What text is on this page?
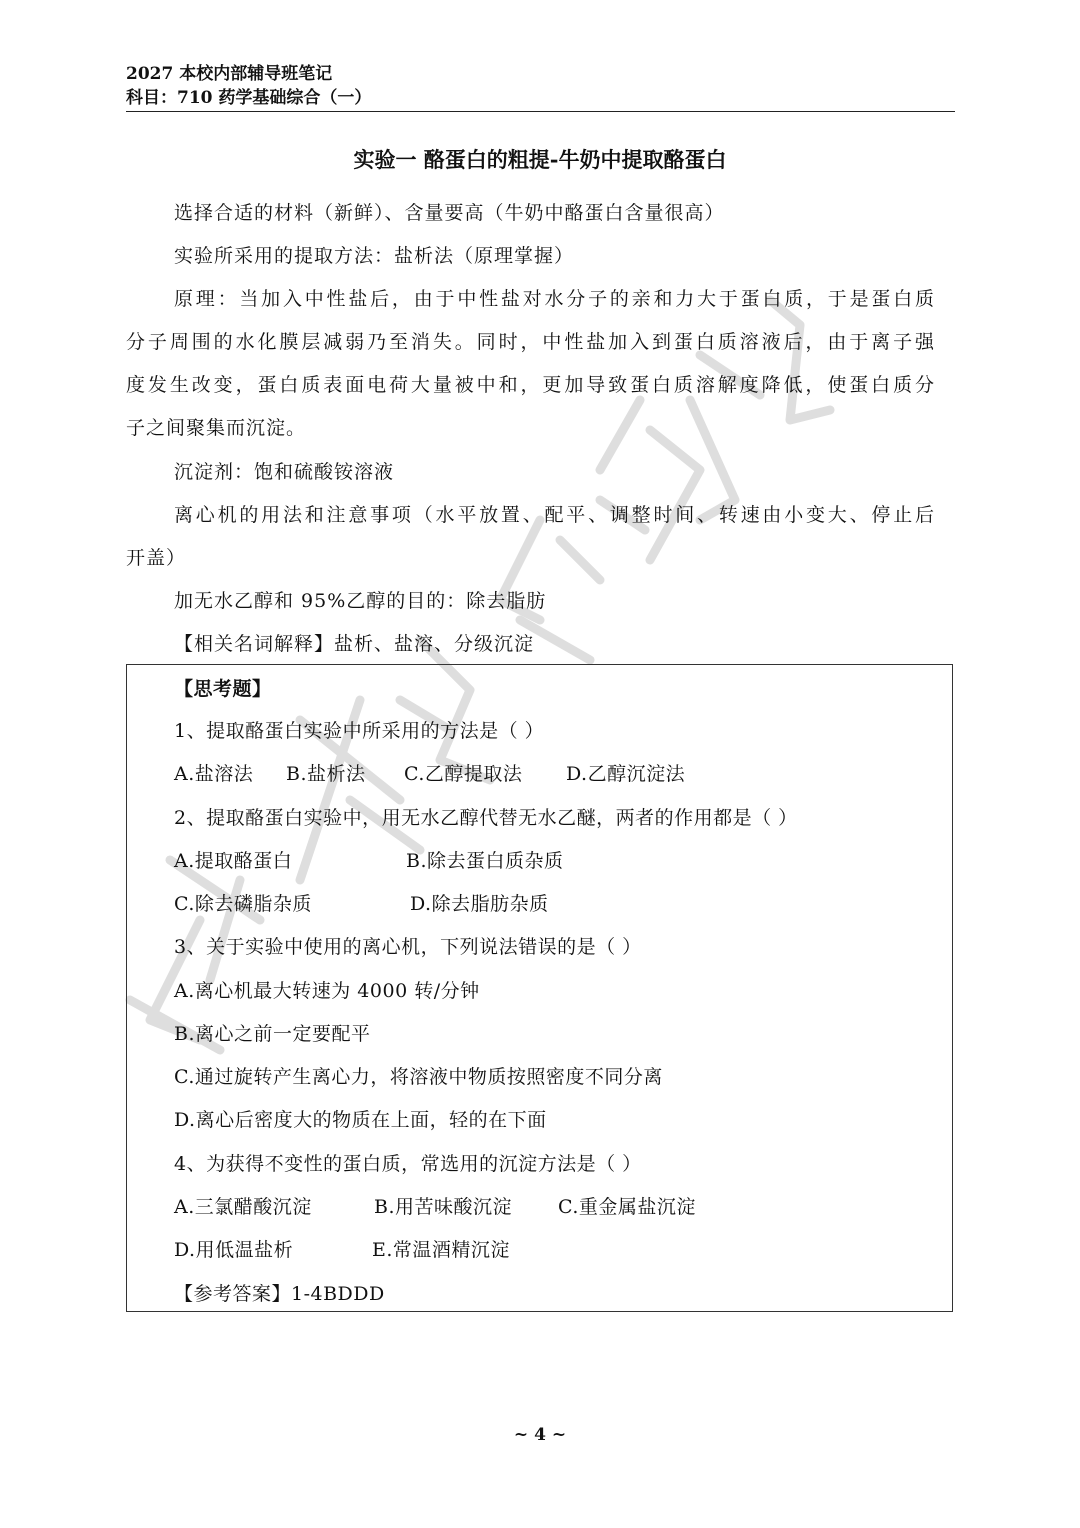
2027 本校内部辅导班笔记
科目：710 药学基础综合（一）
实验一 酪蛋白的粗提-牛奶中提取酪蛋白
选择合适的材料（新鲜）、含量要高（牛奶中酪蛋白含量很高）
实验所采用的提取方法：盐析法（原理掌握）
原理：当加入中性盐后，由于中性盐对水分子的亲和力大于蛋白质，于是蛋白质
分子周围的水化膜层减弱乃至消失。同时，中性盐加入到蛋白质溶液后，由于离子强
度发生改变，蛋白质表面电荷大量被中和，更加导致蛋白质溶解度降低，使蛋白质分
子之间聚集而沉淀。
沉淀剂：饱和硫酸铵溶液
离心机的用法和注意事项（水平放置、配平、调整时间、转速由小变大、停止后
开盖）
加无水乙醇和 95%乙醇的目的：除去脂肪
【相关名词解释】盐析、盐溶、分级沉淀
【思考题】
1、提取酪蛋白实验中所采用的方法是（ ）
A.盐溶法 B.盐析法 C.乙醇提取法 D.乙醇沉淀法
2、提取酪蛋白实验中，用无水乙醇代替无水乙醚，两者的作用都是（ ）
A.提取酪蛋白	B.除去蛋白质杂质
C.除去磷脂杂质	D.除去脂肪杂质
3、关于实验中使用的离心机，下列说法错误的是（ ）
A.离心机最大转速为 4000 转/分钟
B.离心之前一定要配平
C.通过旋转产生离心力，将溶液中物质按照密度不同分离
D.离心后密度大的物质在上面，轻的在下面
4、为获得不变性的蛋白质，常选用的沉淀方法是（ ）
A.三氯醋酸沉淀	B.用苦味酸沉淀 C.重金属盐沉淀
D.用低温盐析	E.常温酒精沉淀
【参考答案】1-4BDDD
~ 4 ~
